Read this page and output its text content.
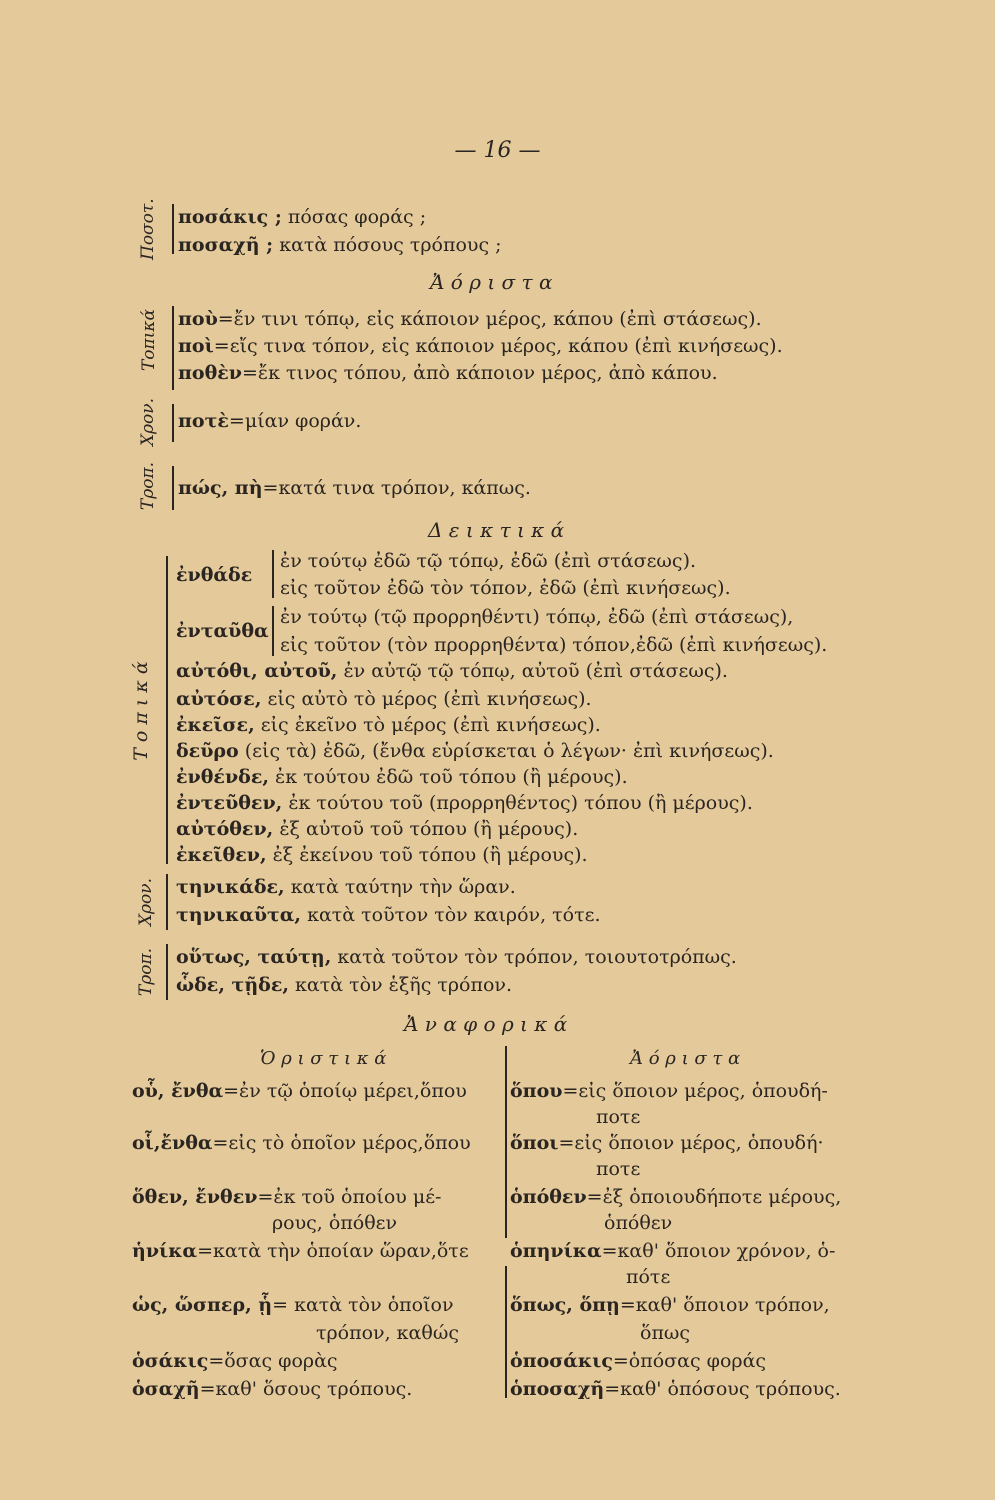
— 16 —
Ποσοτ. ποσάκις ; πόσας φοράς ;
ποσαχῆ ; κατὰ πόσους τρόπους ;
Ἀ ό ρ ι σ τ α
Τοπικά ποὺ=ἔν τινι τόπῳ, εἰς κάποιον μέρος, κάπου (ἐπὶ στάσεως).
ποὶ=εἴς τινα τόπον, εἰς κάποιον μέρος, κάπου (ἐπὶ κινήσεως).
ποθὲν=ἔκ τινος τόπου, ἀπὸ κάποιον μέρος, ἀπὸ κάπου.
Χρον. ποτὲ=μίαν φοράν.
Τροπ. πώς, πὴ=κατά τινα τρόπον, κάπως.
Δ ε ι κ τ ι κ ά
Τ ο π ι κ ά
ἐνθάδε
ἐν τούτῳ ἐδῶ τῷ τόπῳ, ἐδῶ (ἐπὶ στάσεως).
εἰς τοῦτον ἐδῶ τὸν τόπον, ἐδῶ (ἐπὶ κινήσεως).
ἐνταῦθα
ἐν τούτῳ (τῷ προρρηθέντι) τόπῳ, ἐδῶ (ἐπὶ στάσεως),
εἰς τοῦτον (τὸν προρρηθέντα) τόπον,ἐδῶ (ἐπὶ κινήσεως).
αὐτόθι, αὐτοῦ, ἐν αὐτῷ τῷ τόπῳ, αὐτοῦ (ἐπὶ στάσεως).
αὐτόσε, εἰς αὐτὸ τὸ μέρος (ἐπὶ κινήσεως).
ἐκεῖσε, εἰς ἐκεῖνο τὸ μέρος (ἐπὶ κινήσεως).
δεῦρο (εἰς τὰ) ἐδῶ, (ἔνθα εὑρίσκεται ὁ λέγων· ἐπὶ κινήσεως).
ἐνθένδε, ἐκ τούτου ἐδῶ τοῦ τόπου (ἢ μέρους).
ἐντεῦθεν, ἐκ τούτου τοῦ (προρρηθέντος) τόπου (ἢ μέρους).
αὐτόθεν, ἐξ αὐτοῦ τοῦ τόπου (ἢ μέρους).
ἐκεῖθεν, ἐξ ἐκείνου τοῦ τόπου (ἢ μέρους).
Χρον. τηνικάδε, κατὰ ταύτην τὴν ὥραν.
τηνικαῦτα, κατὰ τοῦτον τὸν καιρόν, τότε.
Τροπ. οὕτως, ταύτῃ, κατὰ τοῦτον τὸν τρόπον, τοιουτοτρόπως.
ὧδε, τῇδε, κατὰ τὸν ἑξῆς τρόπον.
Ἀ ν α φ ο ρ ι κ ά
Ὁ ρ ι σ τ ι κ ά	Ἀ ό ρ ι σ τ α
οὗ, ἔνθα=ἐν τῷ ὁποίῳ μέρει,ὅπου
οἷ,ἔνθα=εἰς τὸ ὁποῖον μέρος,ὅπου
ὅθεν, ἔνθεν=ἐκ τοῦ ὁποίου μέ-
ρους, ὁπόθεν
ἡνίκα=κατὰ τὴν ὁποίαν ὥραν,ὅτε
ὡς, ὥσπερ, ᾗ= κατὰ τὸν ὁποῖον
τρόπον, καθώς
ὁσάκις=ὅσας φορὰς
ὁσαχῆ=καθ' ὅσους τρόπους.
ὅπου=εἰς ὅποιον μέρος, ὁπουδή-
ποτε
ὅποι=εἰς ὅποιον μέρος, ὁπουδή·
ποτε
ὁπόθεν=ἐξ ὁποιουδήποτε μέρους,
ὁπόθεν
ὁπηνίκα=καθ' ὅποιον χρόνον, ὁ-
πότε
ὅπως, ὅπῃ=καθ' ὅποιον τρόπον,
ὅπως
ὁποσάκις=ὁπόσας φοράς
ὁποσαχῆ=καθ' ὁπόσους τρόπους.
